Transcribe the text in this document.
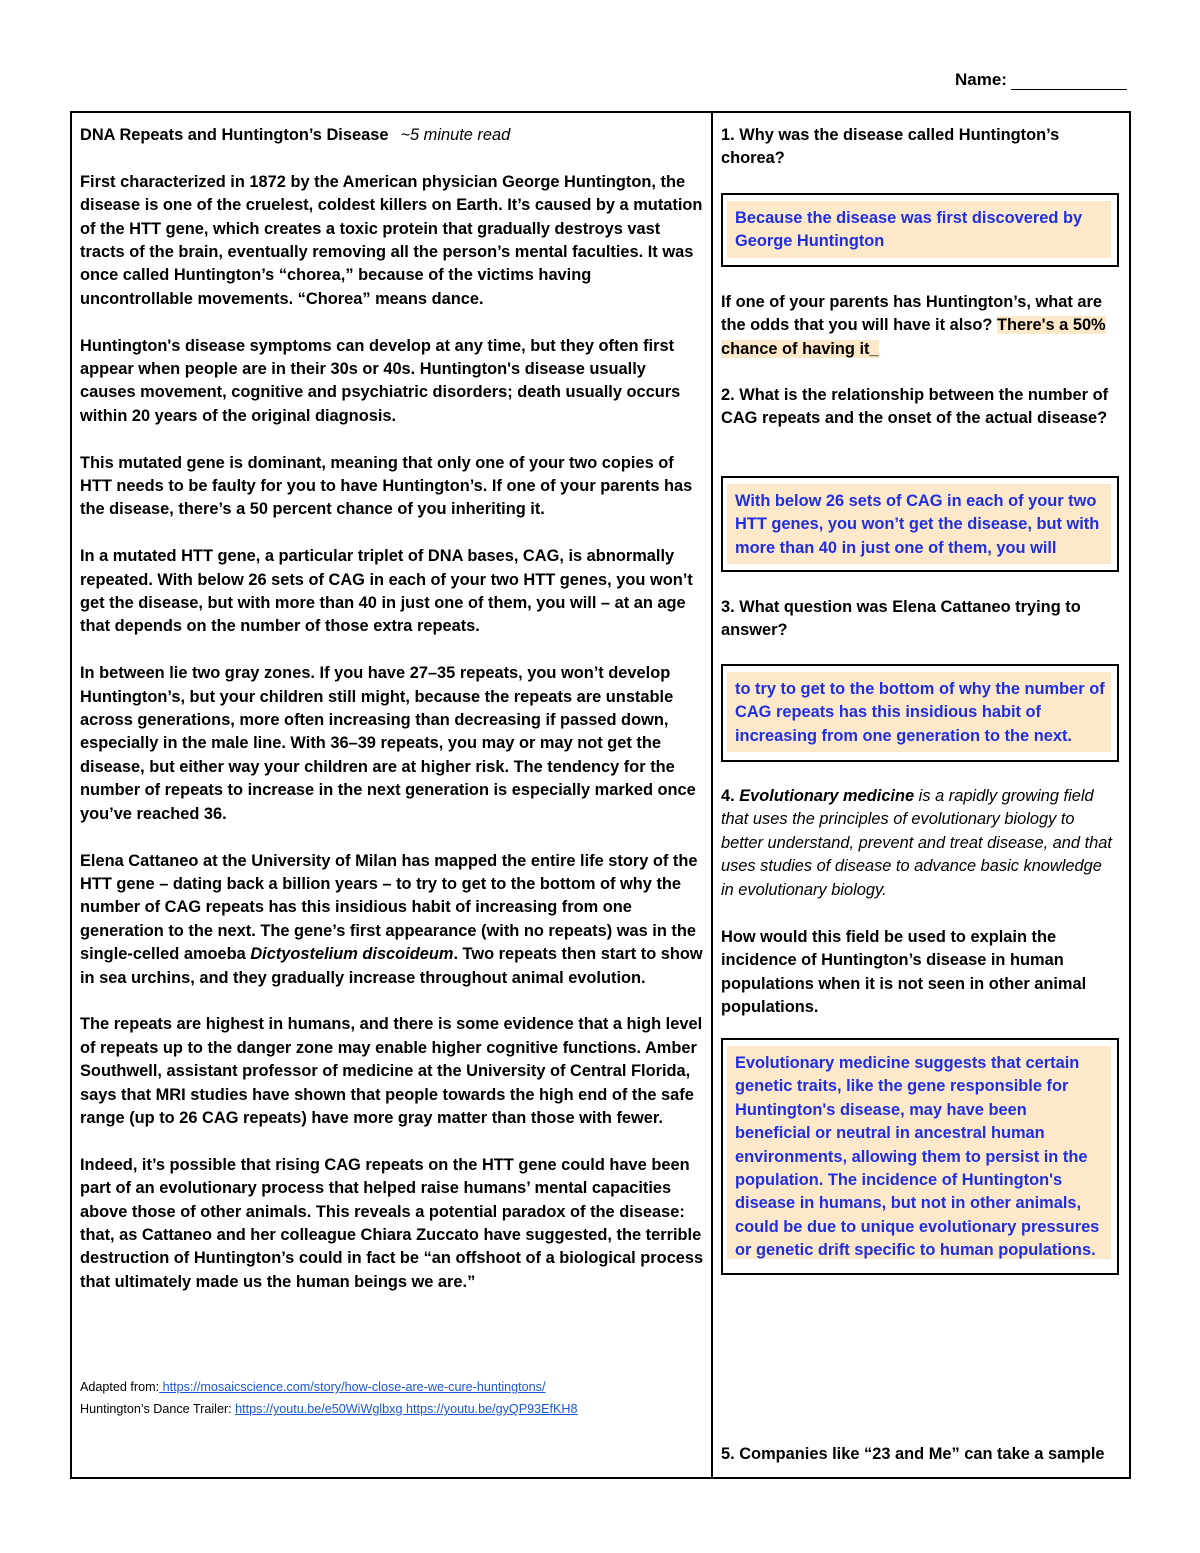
Name:
DNA Repeats and Huntington’s Disease ~5 minute read

First characterized in 1872 by the American physician George Huntington, the disease is one of the cruelest, coldest killers on Earth. It’s caused by a mutation of the HTT gene, which creates a toxic protein that gradually destroys vast tracts of the brain, eventually removing all the person’s mental faculties. It was once called Huntington’s “chorea,” because of the victims having uncontrollable movements. “Chorea” means dance.

Huntington's disease symptoms can develop at any time, but they often first appear when people are in their 30s or 40s. Huntington's disease usually causes movement, cognitive and psychiatric disorders; death usually occurs within 20 years of the original diagnosis.

This mutated gene is dominant, meaning that only one of your two copies of HTT needs to be faulty for you to have Huntington’s. If one of your parents has the disease, there’s a 50 percent chance of you inheriting it.

In a mutated HTT gene, a particular triplet of DNA bases, CAG, is abnormally repeated. With below 26 sets of CAG in each of your two HTT genes, you won’t get the disease, but with more than 40 in just one of them, you will – at an age that depends on the number of those extra repeats.

In between lie two gray zones. If you have 27–35 repeats, you won’t develop Huntington’s, but your children still might, because the repeats are unstable across generations, more often increasing than decreasing if passed down, especially in the male line. With 36–39 repeats, you may or may not get the disease, but either way your children are at higher risk. The tendency for the number of repeats to increase in the next generation is especially marked once you’ve reached 36.

Elena Cattaneo at the University of Milan has mapped the entire life story of the HTT gene – dating back a billion years – to try to get to the bottom of why the number of CAG repeats has this insidious habit of increasing from one generation to the next. The gene’s first appearance (with no repeats) was in the single-celled amoeba Dictyostelium discoideum. Two repeats then start to show in sea urchins, and they gradually increase throughout animal evolution.

The repeats are highest in humans, and there is some evidence that a high level of repeats up to the danger zone may enable higher cognitive functions. Amber Southwell, assistant professor of medicine at the University of Central Florida, says that MRI studies have shown that people towards the high end of the safe range (up to 26 CAG repeats) have more gray matter than those with fewer.

Indeed, it’s possible that rising CAG repeats on the HTT gene could have been part of an evolutionary process that helped raise humans’ mental capacities above those of other animals. This reveals a potential paradox of the disease: that, as Cattaneo and her colleague Chiara Zuccato have suggested, the terrible destruction of Huntington’s could in fact be “an offshoot of a biological process that ultimately made us the human beings we are.”

Adapted from: https://mosaicscience.com/story/how-close-are-we-cure-huntingtons/
Huntington’s Dance Trailer: https://youtu.be/e50WiWglbxg https://youtu.be/gyQP93EfKH8
1. Why was the disease called Huntington’s chorea?
Because the disease was first discovered by George Huntington
If one of your parents has Huntington’s, what are the odds that you will have it also? There's a 50% chance of having it_
2. What is the relationship between the number of CAG repeats and the onset of the actual disease?
With below 26 sets of CAG in each of your two HTT genes, you won’t get the disease, but with more than 40 in just one of them, you will
3. What question was Elena Cattaneo trying to answer?
to try to get to the bottom of why the number of CAG repeats has this insidious habit of increasing from one generation to the next.
4. Evolutionary medicine is a rapidly growing field that uses the principles of evolutionary biology to better understand, prevent and treat disease, and that uses studies of disease to advance basic knowledge in evolutionary biology.
How would this field be used to explain the incidence of Huntington’s disease in human populations when it is not seen in other animal populations.
Evolutionary medicine suggests that certain genetic traits, like the gene responsible for Huntington's disease, may have been beneficial or neutral in ancestral human environments, allowing them to persist in the population. The incidence of Huntington's disease in humans, but not in other animals, could be due to unique evolutionary pressures or genetic drift specific to human populations.
5. Companies like “23 and Me” can take a sample
